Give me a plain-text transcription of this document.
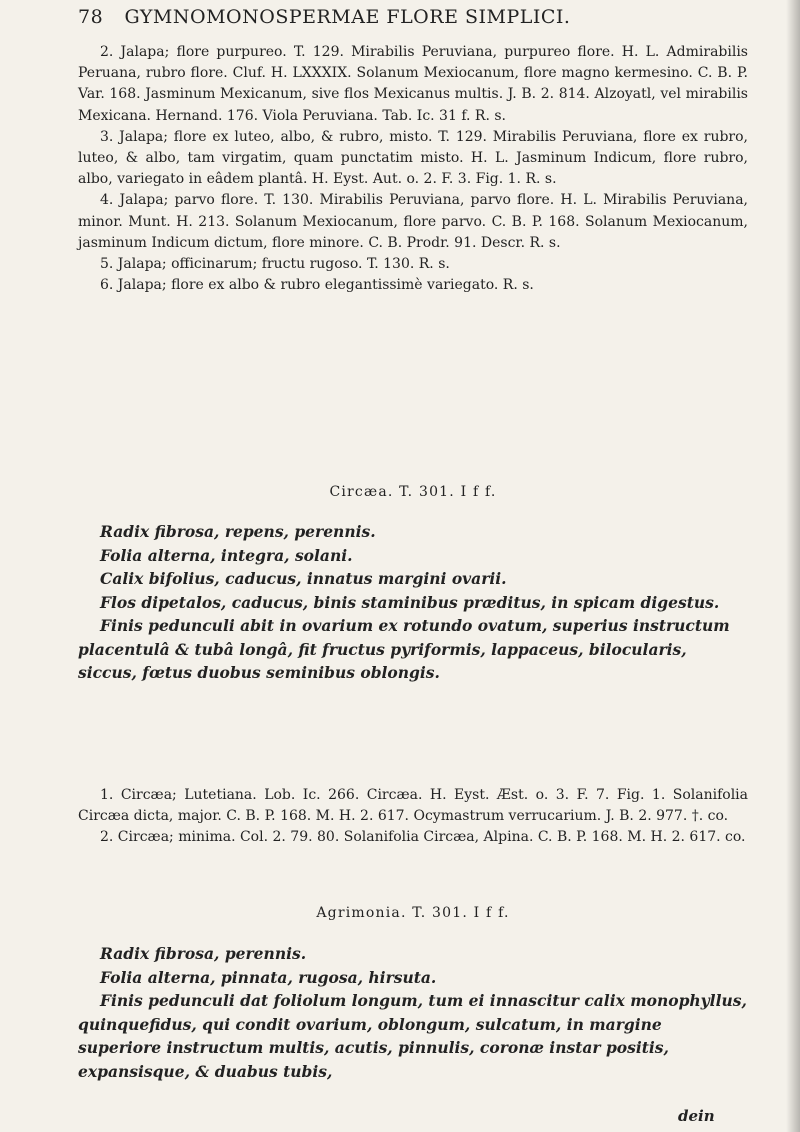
78 GYMNOMONOSPERMAE FLORE SIMPLICI.

2. Jalapa; flore purpureo. T. 129. Mirabilis Peruviana, purpureo flore. H. L. Admirabilis Peruana, rubro flore. Cluf. H. LXXXIX. Solanum Mexiocanum, flore magno kermesino. C. B. P. Var. 168. Jasminum Mexicanum, sive flos Mexicanus multis. J. B. 2. 814. Alzoyatl, vel mirabilis Mexicana. Hernand. 176. Viola Peruviana. Tab. Ic. 31 f. R. s.

3. Jalapa; flore ex luteo, albo, & rubro, misto. T. 129. Mirabilis Peruviana, flore ex rubro, luteo, & albo, tam virgatim, quam punctatim misto. H. L. Jasminum Indicum, flore rubro, albo, variegato in eâdem plantâ. H. Eyst. Aut. o. 2. F. 3. Fig. 1. R. s.

4. Jalapa; parvo flore. T. 130. Mirabilis Peruviana, parvo flore. H. L. Mirabilis Peruviana, minor. Munt. H. 213. Solanum Mexiocanum, flore parvo. C. B. P. 168. Solanum Mexiocanum, jasminum Indicum dictum, flore minore. C. B. Prodr. 91. Descr. R. s.

5. Jalapa; officinarum; fructu rugoso. T. 130. R. s.

6. Jalapa; flore ex albo & rubro elegantissimè variegato. R. s.

Circæa. T. 301. I f f.

Radix fibrosa, repens, perennis.

Folia alterna, integra, solani.

Calix bifolius, caducus, innatus margini ovarii.

Flos dipetalos, caducus, binis staminibus præditus, in spicam digestus.

Finis pedunculi abit in ovarium ex rotundo ovatum, superius instructum placentulâ & tubâ longâ, fit fructus pyriformis, lappaceus, bilocularis, siccus, fœtus duobus seminibus oblongis.

1. Circæa; Lutetiana. Lob. Ic. 266. Circæa. H. Eyst. Æst. o. 3. F. 7. Fig. 1. Solanifolia Circæa dicta, major. C. B. P. 168. M. H. 2. 617. Ocymastrum verrucarium. J. B. 2. 977. †. co.

2. Circæa; minima. Col. 2. 79. 80. Solanifolia Circæa, Alpina. C. B. P. 168. M. H. 2. 617. co.

Agrimonia. T. 301. I f f.

Radix fibrosa, perennis.

Folia alterna, pinnata, rugosa, hirsuta.

Finis pedunculi dat foliolum longum, tum ei innascitur calix monophyllus, quinquefidus, qui condit ovarium, oblongum, sulcatum, in margine superiore instructum multis, acutis, pinnulis, coronæ instar positis, expansisque, & duabus tubis,

dein
